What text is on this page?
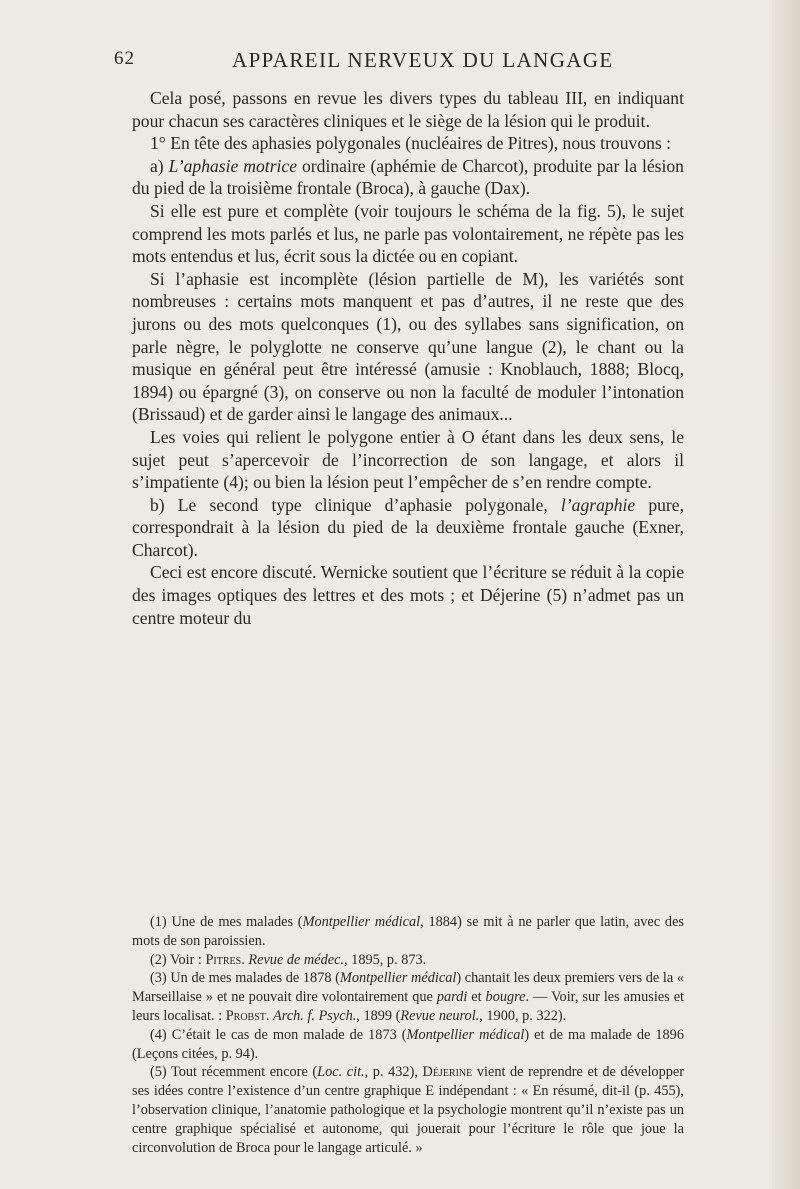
62	APPAREIL NERVEUX DU LANGAGE

Cela posé, passons en revue les divers types du tableau III, en indiquant pour chacun ses caractères cliniques et le siège de la lésion qui le produit.

1° En tête des aphasies polygonales (nucléaires de Pitres), nous trouvons :

a) L’aphasie motrice ordinaire (aphémie de Charcot), produite par la lésion du pied de la troisième frontale (Broca), à gauche (Dax).

Si elle est pure et complète (voir toujours le schéma de la fig. 5), le sujet comprend les mots parlés et lus, ne parle pas volontairement, ne répète pas les mots entendus et lus, écrit sous la dictée ou en copiant.

Si l’aphasie est incomplète (lésion partielle de M), les variétés sont nombreuses : certains mots manquent et pas d’autres, il ne reste que des jurons ou des mots quelconques (1), ou des syllabes sans signification, on parle nègre, le polyglotte ne conserve qu’une langue (2), le chant ou la musique en général peut être intéressé (amusie : Knoblauch, 1888; Blocq, 1894) ou épargné (3), on conserve ou non la faculté de moduler l’intonation (Brissaud) et de garder ainsi le langage des animaux...

Les voies qui relient le polygone entier à O étant dans les deux sens, le sujet peut s’apercevoir de l’incorrection de son langage, et alors il s’impatiente (4); ou bien la lésion peut l’empêcher de s’en rendre compte.

b) Le second type clinique d’aphasie polygonale, l’agraphie pure, correspondrait à la lésion du pied de la deuxième frontale gauche (Exner, Charcot).

Ceci est encore discuté. Wernicke soutient que l’écriture se réduit à la copie des images optiques des lettres et des mots ; et Déjerine (5) n’admet pas un centre moteur du

(1) Une de mes malades (Montpellier médical, 1884) se mit à ne parler que latin, avec des mots de son paroissien.

(2) Voir : Pitres. Revue de médec., 1895, p. 873.

(3) Un de mes malades de 1878 (Montpellier médical) chantait les deux premiers vers de la « Marseillaise » et ne pouvait dire volontairement que pardi et bougre. — Voir, sur les amusies et leurs localisat. : Probst. Arch. f. Psych., 1899 (Revue neurol., 1900, p. 322).

(4) C’était le cas de mon malade de 1873 (Montpellier médical) et de ma malade de 1896 (Leçons citées, p. 94).

(5) Tout récemment encore (Loc. cit., p. 432), Déjerine vient de reprendre et de développer ses idées contre l’existence d’un centre graphique E indépendant : « En résumé, dit-il (p. 455), l’observation clinique, l’anatomie pathologique et la psychologie montrent qu’il n’existe pas un centre graphique spécialisé et autonome, qui jouerait pour l’écriture le rôle que joue la circonvolution de Broca pour le langage articulé. »
